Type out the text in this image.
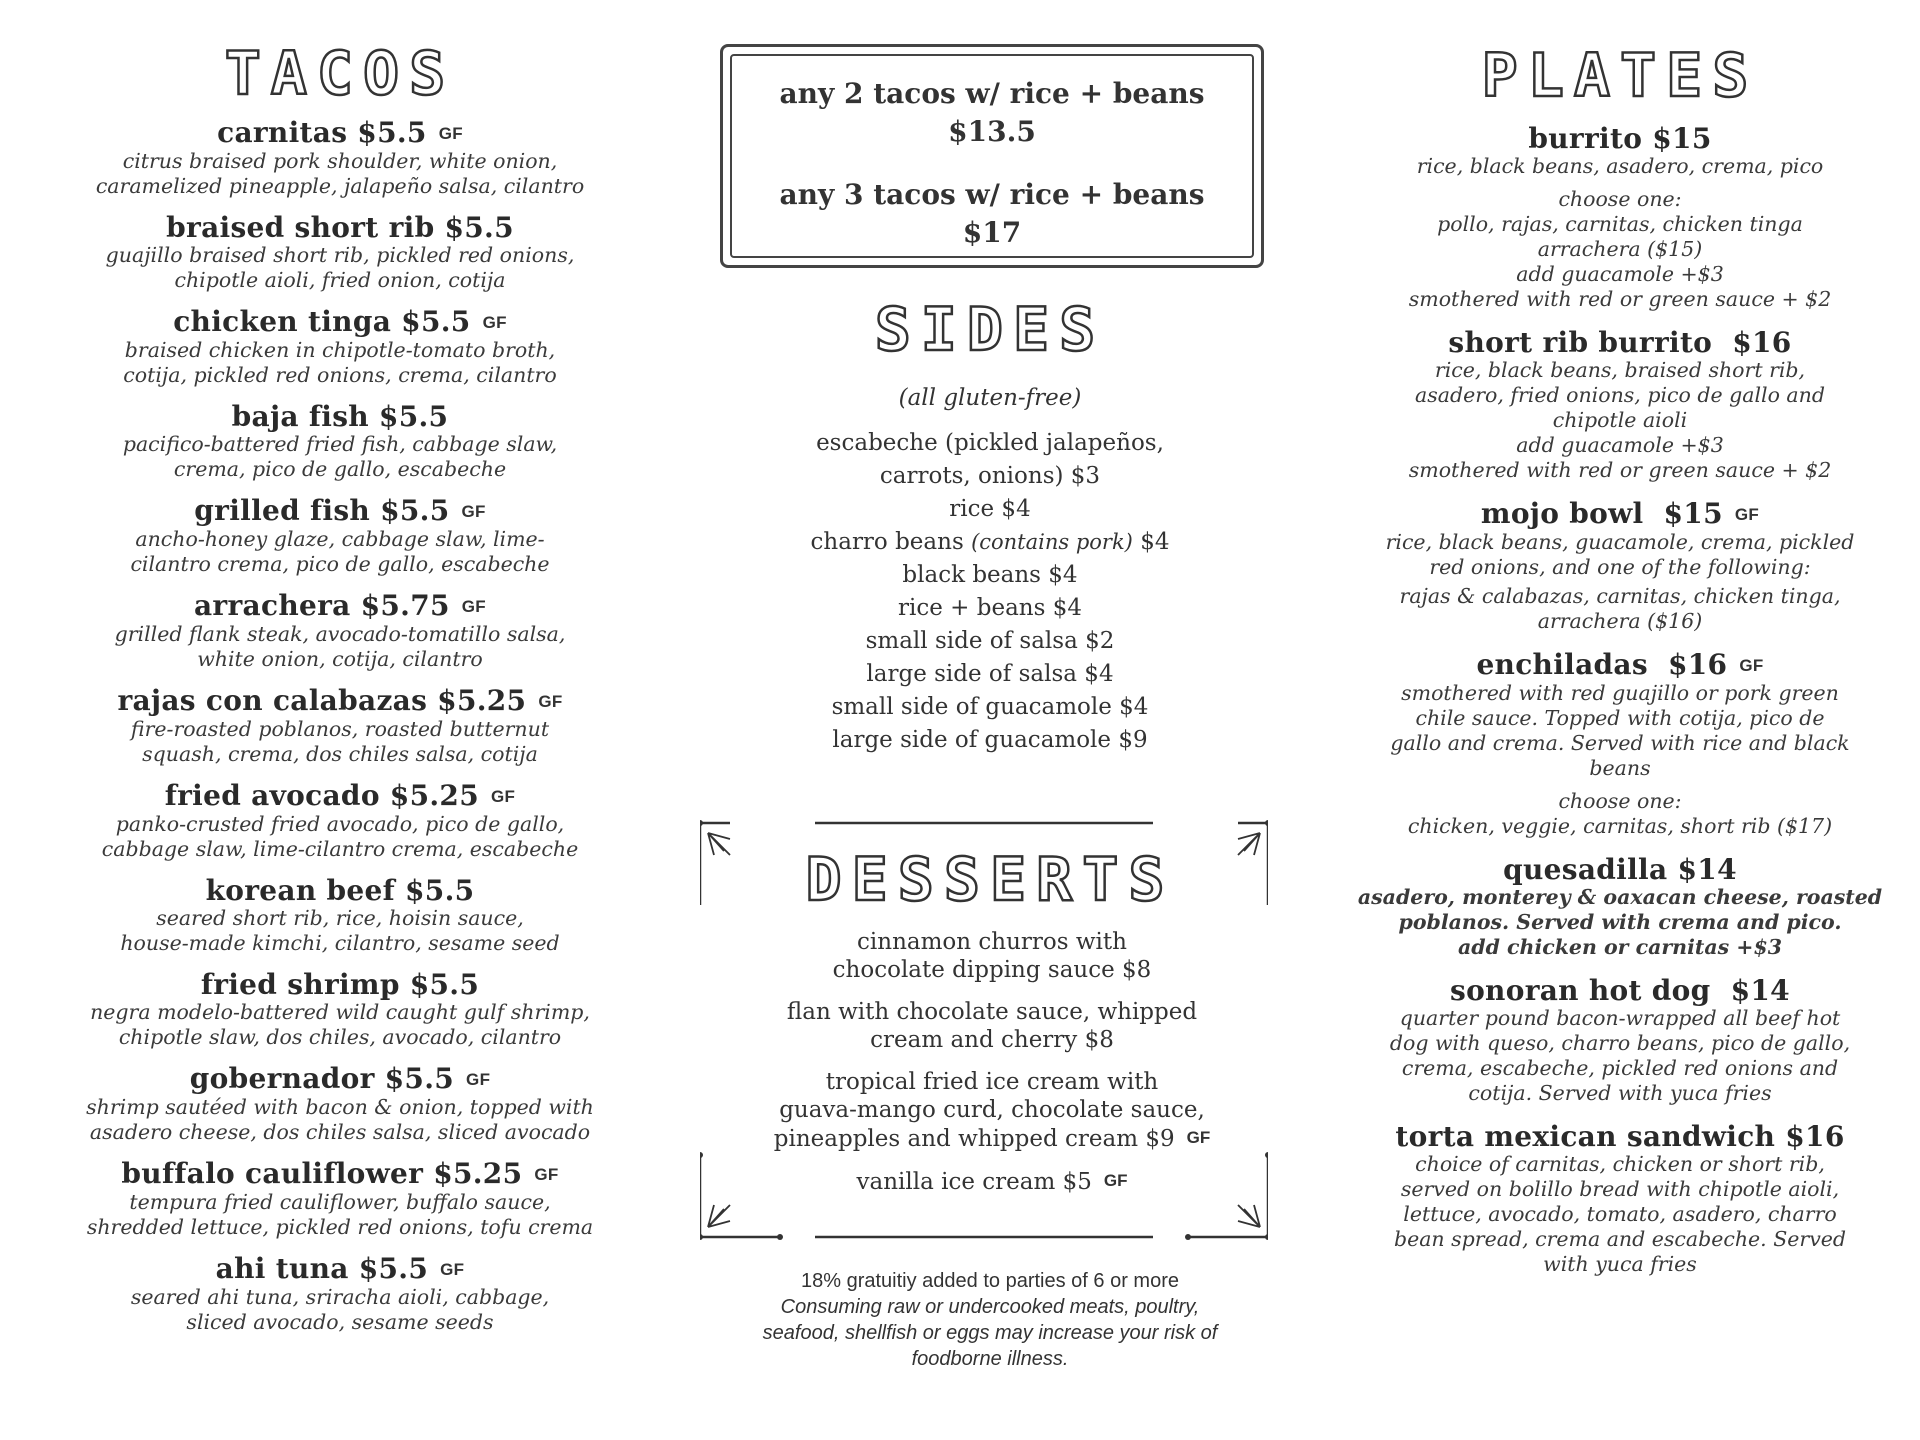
TACOS
carnitas $5.5 GF
citrus braised pork shoulder, white onion,
caramelized pineapple, jalapeño salsa, cilantro
braised short rib $5.5
guajillo braised short rib, pickled red onions,
chipotle aioli, fried onion, cotija
chicken tinga $5.5 GF
braised chicken in chipotle-tomato broth,
cotija, pickled red onions, crema, cilantro
baja fish $5.5
pacifico-battered fried fish, cabbage slaw,
crema, pico de gallo, escabeche
grilled fish $5.5 GF
ancho-honey glaze, cabbage slaw, lime-
cilantro crema, pico de gallo, escabeche
arrachera $5.75 GF
grilled flank steak, avocado-tomatillo salsa,
white onion, cotija, cilantro
rajas con calabazas $5.25 GF
fire-roasted poblanos, roasted butternut
squash, crema, dos chiles salsa, cotija
fried avocado $5.25 GF
panko-crusted fried avocado, pico de gallo,
cabbage slaw, lime-cilantro crema, escabeche
korean beef $5.5
seared short rib, rice, hoisin sauce,
house-made kimchi, cilantro, sesame seed
fried shrimp $5.5
negra modelo-battered wild caught gulf shrimp,
chipotle slaw, dos chiles, avocado, cilantro
gobernador $5.5 GF
shrimp sautéed with bacon & onion, topped with
asadero cheese, dos chiles salsa, sliced avocado
buffalo cauliflower $5.25 GF
tempura fried cauliflower, buffalo sauce,
shredded lettuce, pickled red onions, tofu crema
ahi tuna $5.5 GF
seared ahi tuna, sriracha aioli, cabbage,
sliced avocado, sesame seeds
any 2 tacos w/ rice + beans
$13.5
any 3 tacos w/ rice + beans
$17
SIDES
(all gluten-free)
escabeche (pickled jalapeños,
carrots, onions) $3
rice $4
charro beans (contains pork) $4
black beans $4
rice + beans $4
small side of salsa $2
large side of salsa $4
small side of guacamole $4
large side of guacamole $9
DESSERTS
cinnamon churros with
chocolate dipping sauce $8
flan with chocolate sauce, whipped
cream and cherry $8
tropical fried ice cream with
guava-mango curd, chocolate sauce,
pineapples and whipped cream $9 GF
vanilla ice cream $5 GF
18% gratuitiy added to parties of 6 or more
Consuming raw or undercooked meats, poultry,
seafood, shellfish or eggs may increase your risk of
foodborne illness.
PLATES
burrito $15
rice, black beans, asadero, crema, pico
choose one:
pollo, rajas, carnitas, chicken tinga
arrachera ($15)
add guacamole +$3
smothered with red or green sauce + $2
short rib burrito $16
rice, black beans, braised short rib,
asadero, fried onions, pico de gallo and
chipotle aioli
add guacamole +$3
smothered with red or green sauce + $2
mojo bowl $15 GF
rice, black beans, guacamole, crema, pickled
red onions, and one of the following:
rajas & calabazas, carnitas, chicken tinga,
arrachera ($16)
enchiladas $16 GF
smothered with red guajillo or pork green
chile sauce. Topped with cotija, pico de
gallo and crema. Served with rice and black
beans
choose one:
chicken, veggie, carnitas, short rib ($17)
quesadilla $14
asadero, monterey & oaxacan cheese, roasted
poblanos. Served with crema and pico.
add chicken or carnitas +$3
sonoran hot dog $14
quarter pound bacon-wrapped all beef hot
dog with queso, charro beans, pico de gallo,
crema, escabeche, pickled red onions and
cotija. Served with yuca fries
torta mexican sandwich $16
choice of carnitas, chicken or short rib,
served on bolillo bread with chipotle aioli,
lettuce, avocado, tomato, asadero, charro
bean spread, crema and escabeche. Served
with yuca fries
